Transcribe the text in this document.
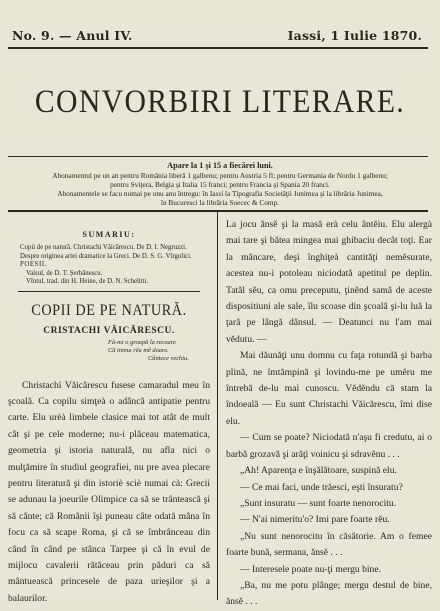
No. 9. — Anul IV.	Iassi, 1 Iulie 1870.
CONVORBIRI LITERARE.
Apare la 1 și 15 a fiecărei luni.
Abonamentul pe un an pentru România liberă 1 galbenu; pentru Austria 5 fl; pentru Germania de Nordu 1 galbenu;
pentru Sviţera, Belgia și Italia 15 franci; pentru Francia și Spania 20 franci.
Abonamentele se facu numai pe unu anu întregu: în Iassi la Tipografia Societăţii Junimea și la librăria Junimea,
în Bucuresci la librăria Soecec & Comp.
SUMARIU:
Copii de pe natură. Christachi Văicărescu. De D. I. Negruzzi.
Despre originea artei dramatice la Greci. De D. S. G. Vîrgolici.
POESII.
Valsul, de D. T. Șerbănescu.
Vîntul, trad. din H. Heine, de D. N. Schelitti.
COPII DE PE NATURĂ.
CRISTACHI VĂICĂRESCU.
Fă-mi o groapă la recoare
Că inima rĕu mĕ doare.
Cântece vechiu.

Christachi Văicărescu fusese camaradul meu în şcoală. Ca copilu simţeà o adâncă antipatie pentru carte. Elu urèà limbele clasice mai tot atât de mult cât şi pe cele moderne; nu-i plăceau matematica, geometria şi istoria naturală, nu afla nici o mulţămire în studiul geografiei, nu pre avea plecare pentru literatură şi din istoriè sciè numai cà: Grecii se adunau la joeurile Olimpice ca să se trântească şi să cânte; că Românii îşi puneau câte odată mâna în focu ca să scape Roma, şi că se îmbrânceau din când în când pe stânca Tarpee şi că în evul de mijlocu cavalerii rătăceau prin păduri ca să mântuească princesele de paza urieşilor şi a balaurilor.

La jocu ănsĕ şi la masă erà celu ântĕiu. Elu alergà mai tare şi bătea mingea mai ghibaciu decât toţi. Ear la mâncare, deşi înghiţeà cantităţi nemĕsurate, acestea nu-i potoleau niciodată apetitul pe deplin. Tatăl sĕu, ca omu preceputu, ţinĕnd samă de aceste dispositiuni ale sale, îlu scoase din şcoală şi-lu luă la ţară pe lângă dânsul. — Deatunci nu l'am mai vĕdutu. —

Mai dăunăţi unu domnu cu faţa rotundă şi barba plină, ne îmtămpină şi lovindu-me pe umĕru me întrebă de-lu mai cunoscu. Vĕdĕndu că stam la îndoeală — Eu sunt Christachi Văicărescu, îmi dise elu.

— Cum se poate? Niciodată n'aşu fi credutu, ai o barbă grozavă şi arăţi voinicu şi sdravĕnu . . .

„Ah! Aparenţa e înşălătoare, suspină elu.

— Ce mai faci, unde trăesci, eşti însuratu?

„Sunt insuratu — sunt foarte nenorocitu.

— N'ai nimeritu'o? Imi pare foarte rĕu.

„Nu sunt nenorocitu în căsătorie. Am o femee foarte bună, sermana, ănsĕ . . .

— Interesele poate nu-ţi mergu bine.

„Ba, nu me potu plânge; mergu destul de bine, ănsĕ . . .
